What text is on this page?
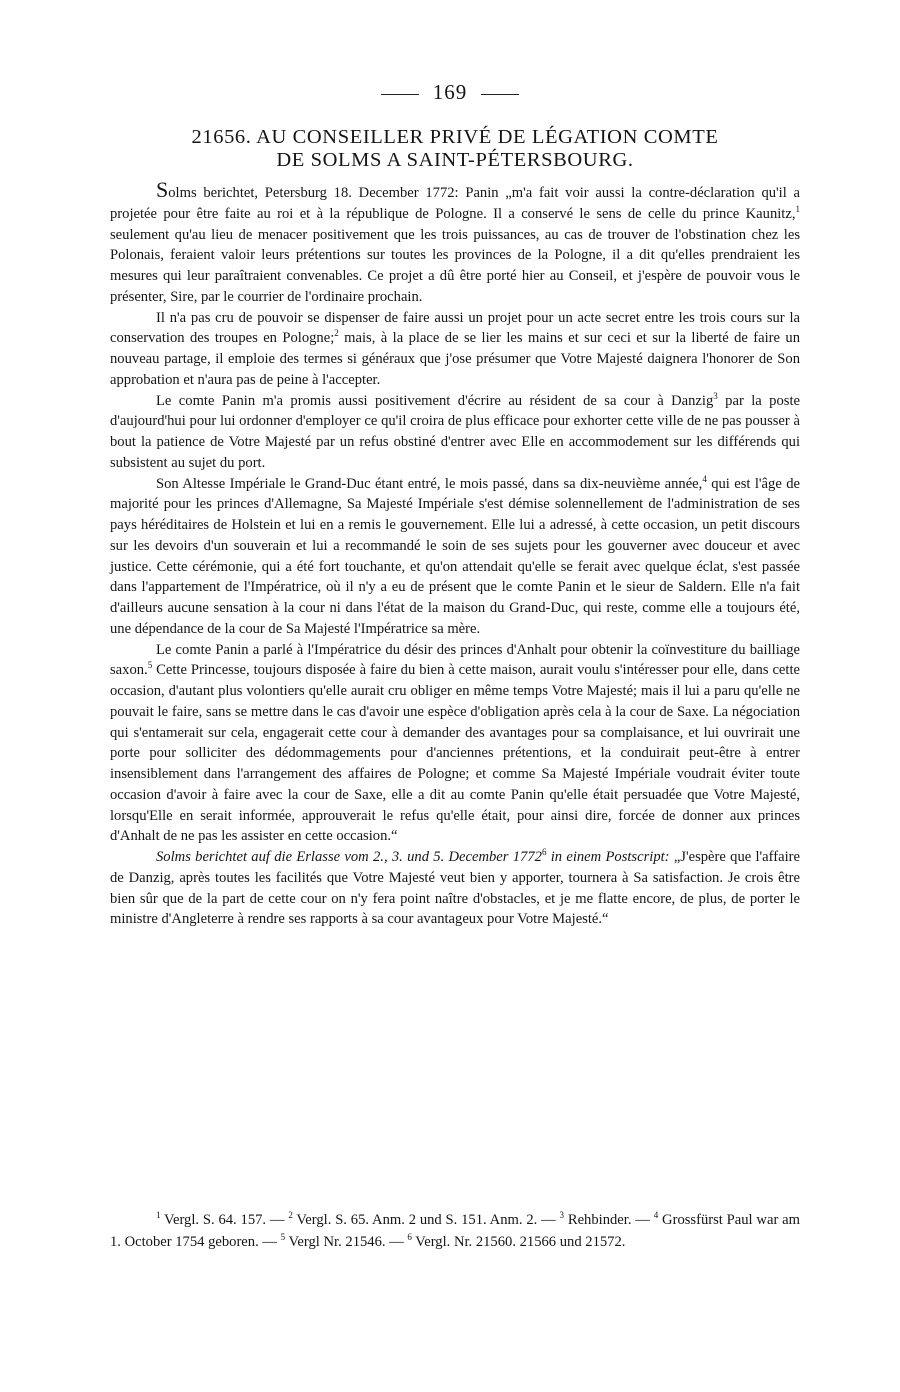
169
21656. AU CONSEILLER PRIVÉ DE LÉGATION COMTE
DE SOLMS A SAINT-PÉTERSBOURG.

Solms berichtet, Petersburg 18. December 1772: Panin „m'a fait voir aussi la contre-déclaration qu'il a projetée pour être faite au roi et à la république de Pologne. Il a conservé le sens de celle du prince Kaunitz,$^1$ seulement qu'au lieu de menacer positivement que les trois puissances, au cas de trouver de l'obstination chez les Polonais, feraient valoir leurs prétentions sur toutes les provinces de la Pologne, il a dit qu'elles prendraient les mesures qui leur paraîtraient convenables. Ce projet a dû être porté hier au Conseil, et j'espère de pouvoir vous le présenter, Sire, par le courrier de l'ordinaire prochain.

Il n'a pas cru de pouvoir se dispenser de faire aussi un projet pour un acte secret entre les trois cours sur la conservation des troupes en Pologne;$^2$ mais, à la place de se lier les mains et sur ceci et sur la liberté de faire un nouveau partage, il emploie des termes si généraux que j'ose présumer que Votre Majesté daignera l'honorer de Son approbation et n'aura pas de peine à l'accepter.

Le comte Panin m'a promis aussi positivement d'écrire au résident de sa cour à Danzig$^3$ par la poste d'aujourd'hui pour lui ordonner d'employer ce qu'il croira de plus efficace pour exhorter cette ville de ne pas pousser à bout la patience de Votre Majesté par un refus obstiné d'entrer avec Elle en accommodement sur les différends qui subsistent au sujet du port.

Son Altesse Impériale le Grand-Duc étant entré, le mois passé, dans sa dix-neuvième année,$^4$ qui est l'âge de majorité pour les princes d'Allemagne, Sa Majesté Impériale s'est démise solennellement de l'administration de ses pays héréditaires de Holstein et lui en a remis le gouvernement. Elle lui a adressé, à cette occasion, un petit discours sur les devoirs d'un souverain et lui a recommandé le soin de ses sujets pour les gouverner avec douceur et avec justice. Cette cérémonie, qui a été fort touchante, et qu'on attendait qu'elle se ferait avec quelque éclat, s'est passée dans l'appartement de l'Impératrice, où il n'y a eu de présent que le comte Panin et le sieur de Saldern. Elle n'a fait d'ailleurs aucune sensation à la cour ni dans l'état de la maison du Grand-Duc, qui reste, comme elle a toujours été, une dépendance de la cour de Sa Majesté l'Impératrice sa mère.

Le comte Panin a parlé à l'Impératrice du désir des princes d'Anhalt pour obtenir la coïnvestiture du bailliage saxon.$^5$ Cette Princesse, toujours disposée à faire du bien à cette maison, aurait voulu s'intéresser pour elle, dans cette occasion, d'autant plus volontiers qu'elle aurait cru obliger en même temps Votre Majesté; mais il lui a paru qu'elle ne pouvait le faire, sans se mettre dans le cas d'avoir une espèce d'obligation après cela à la cour de Saxe. La négociation qui s'entamerait sur cela, engagerait cette cour à demander des avantages pour sa complaisance, et lui ouvrirait une porte pour solliciter des dédommagements pour d'anciennes prétentions, et la conduirait peut-être à entrer insensiblement dans l'arrangement des affaires de Pologne; et comme Sa Majesté Impériale voudrait éviter toute occasion d'avoir à faire avec la cour de Saxe, elle a dit au comte Panin qu'elle était persuadée que Votre Majesté, lorsqu'Elle en serait informée, approuverait le refus qu'elle était, pour ainsi dire, forcée de donner aux princes d'Anhalt de ne pas les assister en cette occasion.“

Solms berichtet auf die Erlasse vom 2., 3. und 5. December 1772$^6$ in einem Postscript: „J'espère que l'affaire de Danzig, après toutes les facilités que Votre Majesté veut bien y apporter, tournera à Sa satisfaction. Je crois être bien sûr que de la part de cette cour on n'y fera point naître d'obstacles, et je me flatte encore, de plus, de porter le ministre d'Angleterre à rendre ses rapports à sa cour avantageux pour Votre Majesté.“

$^1$ Vergl. S. 64. 157. — $^2$ Vergl. S. 65. Anm. 2 und S. 151. Anm. 2. — $^3$ Rehbinder. — $^4$ Grossfürst Paul war am 1. October 1754 geboren. — $^5$ Vergl Nr. 21546. — $^6$ Vergl. Nr. 21560. 21566 und 21572.
